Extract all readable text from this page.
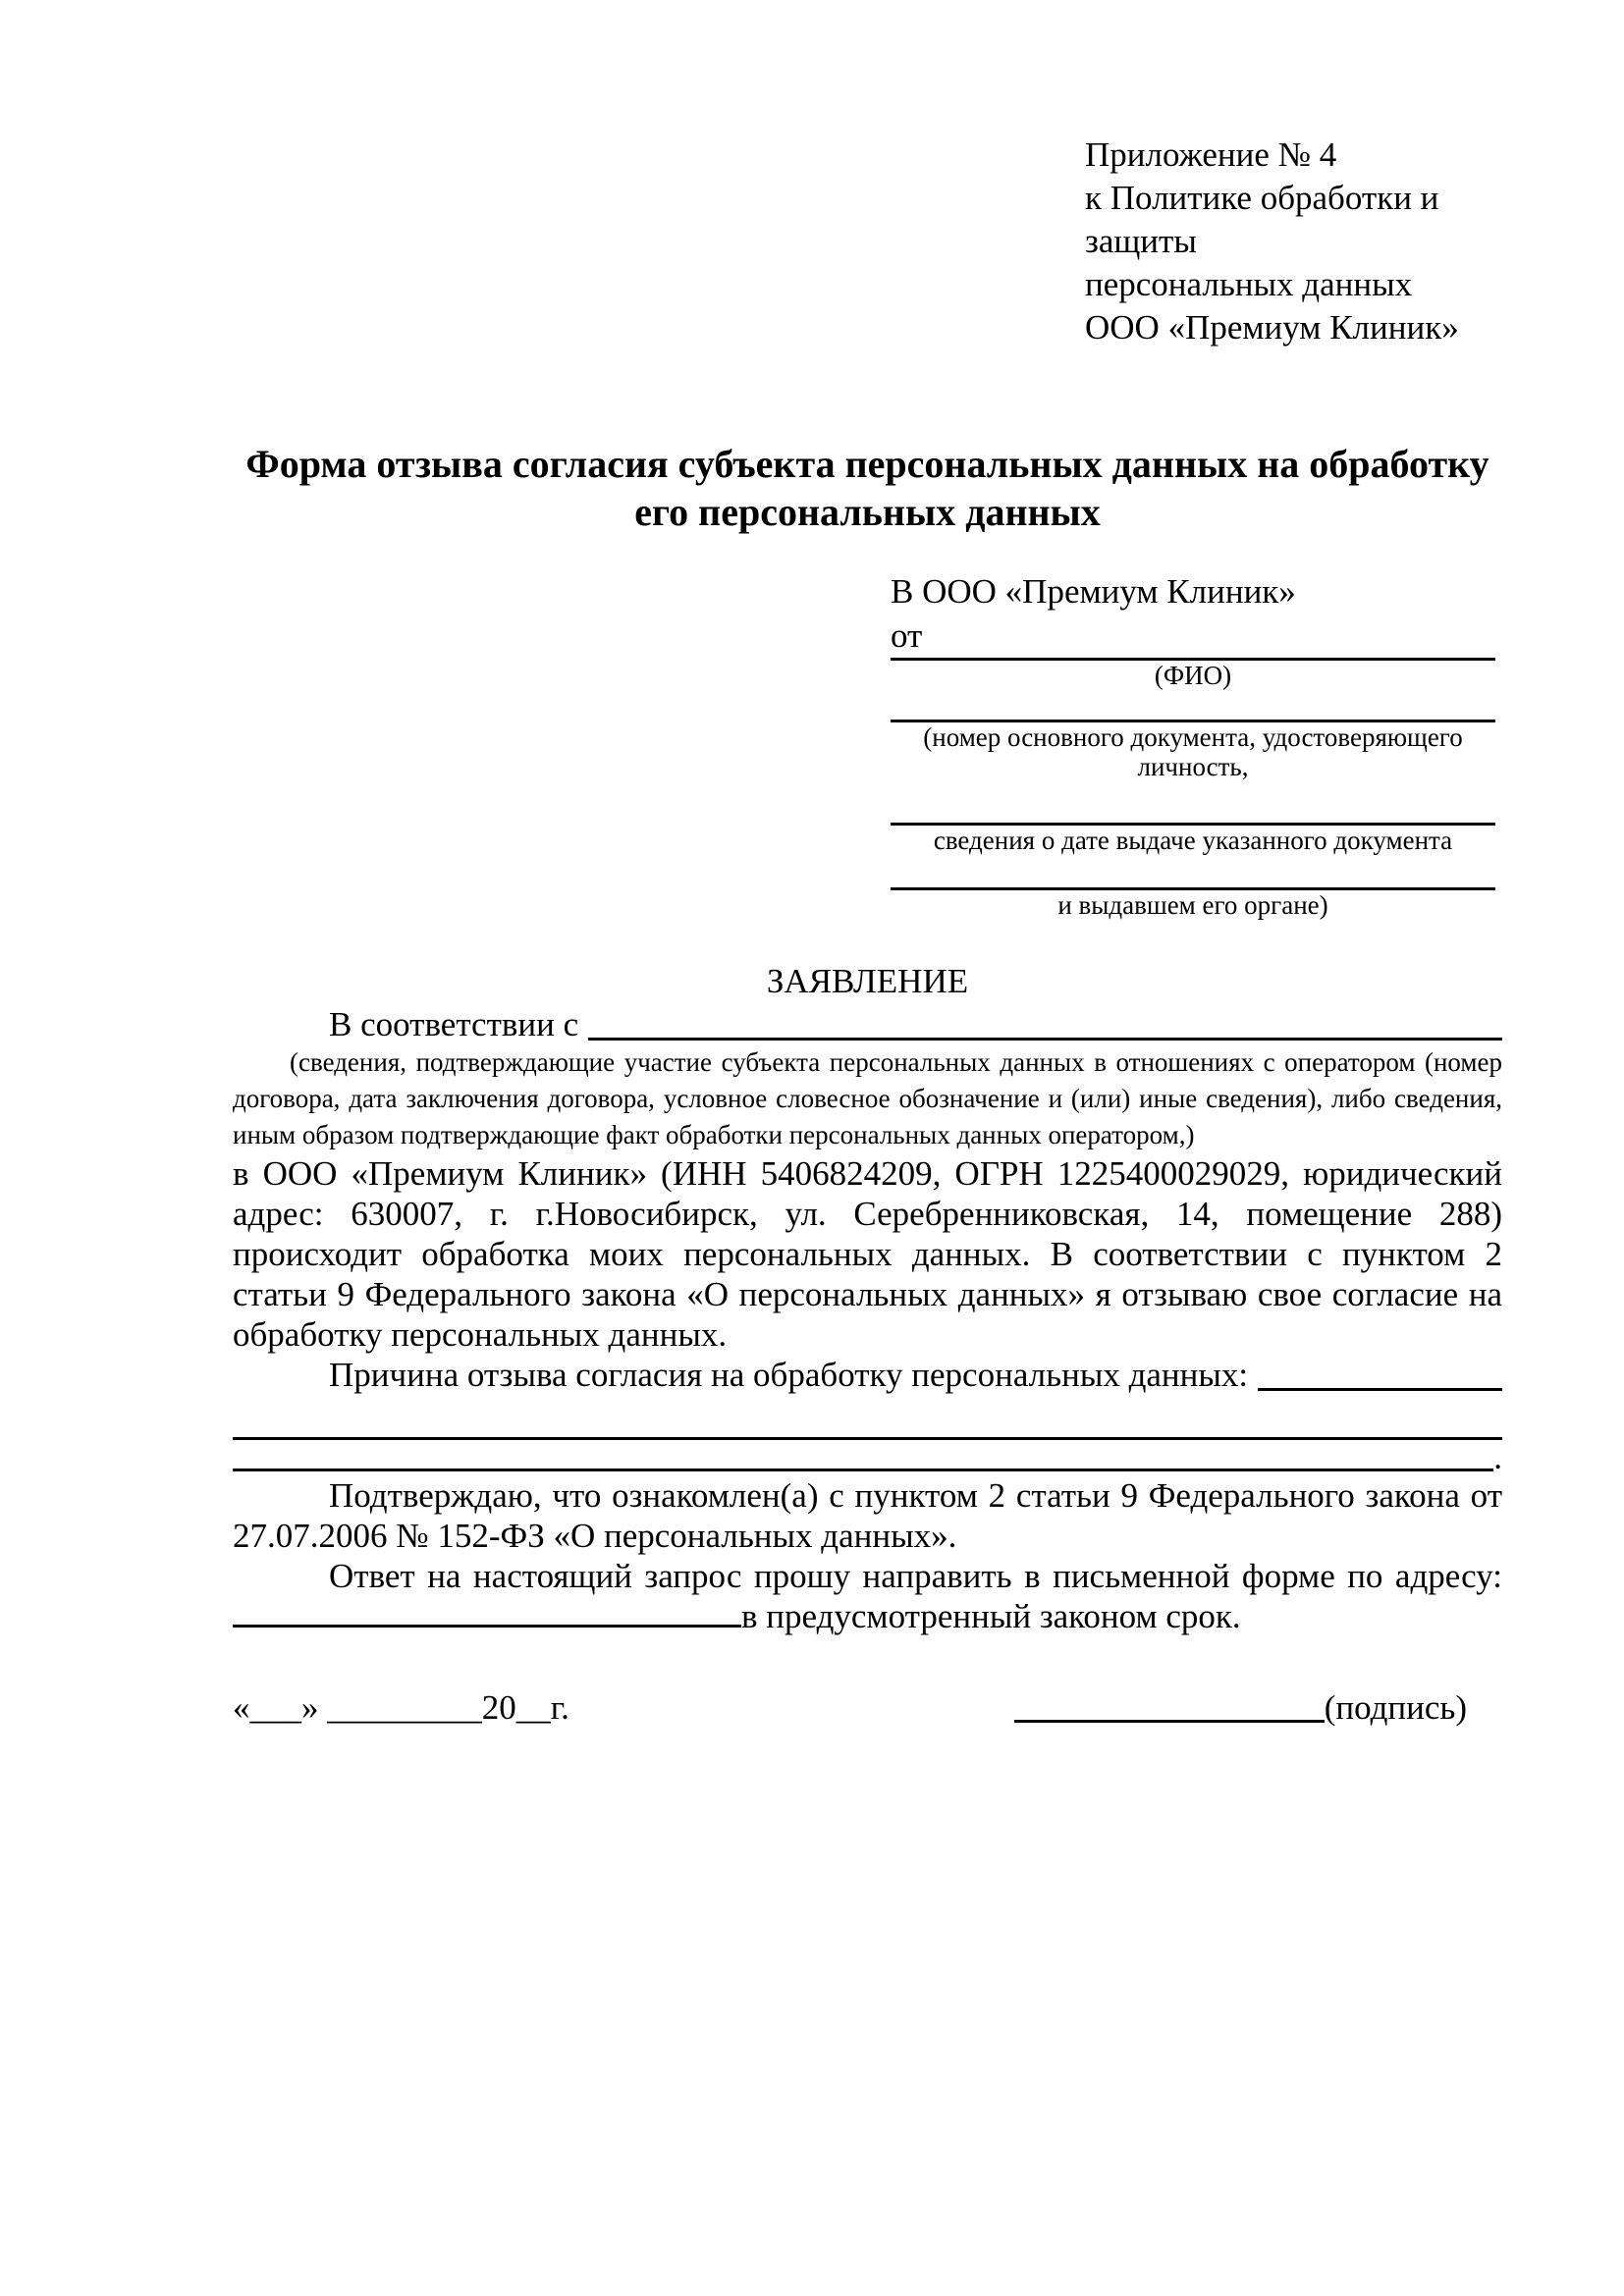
Приложение № 4
к Политике обработки и защиты
персональных данных
ООО «Премиум Клиник»
Форма отзыва согласия субъекта персональных данных на обработку его персональных данных
В ООО «Премиум Клиник»
от
(ФИО)
(номер основного документа, удостоверяющего личность,
сведения о дате выдаче указанного документа
и выдавшем его органе)
ЗАЯВЛЕНИЕ
В соответствии с
(сведения, подтверждающие участие субъекта персональных данных в отношениях с оператором (номер договора, дата заключения договора, условное словесное обозначение и (или) иные сведения), либо сведения, иным образом подтверждающие факт обработки персональных данных оператором,)
в ООО «Премиум Клиник» (ИНН 5406824209, ОГРН 1225400029029, юридический адрес: 630007, г. г.Новосибирск, ул. Серебренниковская, 14, помещение 288) происходит обработка моих персональных данных. В соответствии с пунктом 2 статьи 9 Федерального закона «О персональных данных» я отзываю свое согласие на обработку персональных данных.
Причина отзыва согласия на обработку персональных данных:
.
Подтверждаю, что ознакомлен(а) с пунктом 2 статьи 9 Федерального закона от 27.07.2006 № 152-ФЗ «О персональных данных».
Ответ на настоящий запрос прошу направить в письменной форме по адресу: в предусмотренный законом срок.
«___» _________20__г.	(подпись)
